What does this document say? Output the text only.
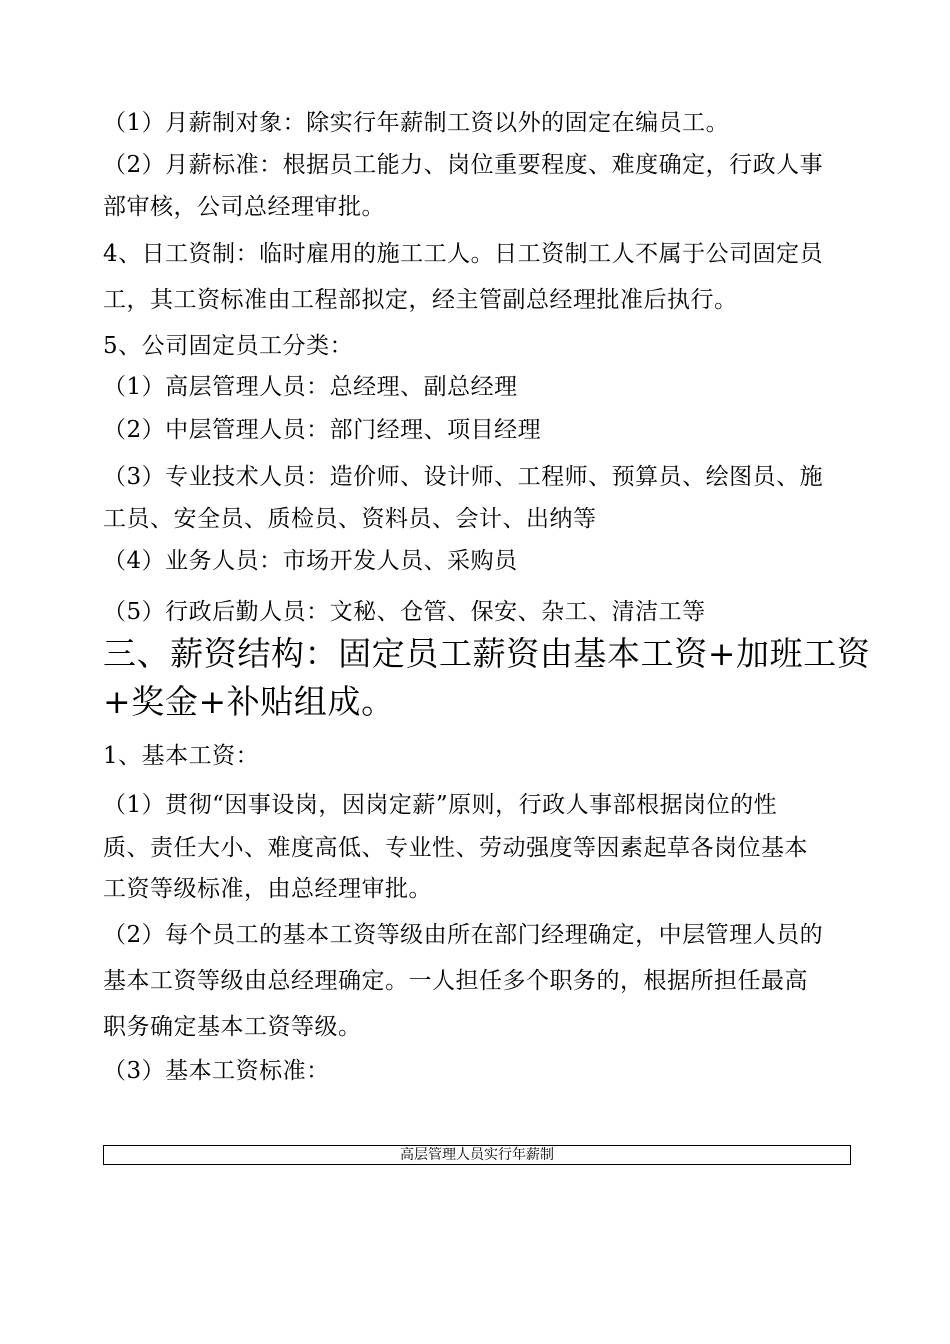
（1）月薪制对象：除实行年薪制工资以外的固定在编员工。
（2）月薪标准：根据员工能力、岗位重要程度、难度确定，行政人事
部审核，公司总经理审批。
4、日工资制：临时雇用的施工工人。日工资制工人不属于公司固定员
工，其工资标准由工程部拟定，经主管副总经理批准后执行。
5、公司固定员工分类：
（1）高层管理人员：总经理、副总经理
（2）中层管理人员：部门经理、项目经理
（3）专业技术人员：造价师、设计师、工程师、预算员、绘图员、施
工员、安全员、质检员、资料员、会计、出纳等
（4）业务人员：市场开发人员、采购员
（5）行政后勤人员：文秘、仓管、保安、杂工、清洁工等
三、薪资结构：固定员工薪资由基本工资+加班工资
+奖金+补贴组成。
1、基本工资：
（1）贯彻“因事设岗，因岗定薪”原则，行政人事部根据岗位的性
质、责任大小、难度高低、专业性、劳动强度等因素起草各岗位基本
工资等级标准，由总经理审批。
（2）每个员工的基本工资等级由所在部门经理确定，中层管理人员的
基本工资等级由总经理确定。一人担任多个职务的，根据所担任最高
职务确定基本工资等级。
（3）基本工资标准：
高层管理人员实行年薪制
